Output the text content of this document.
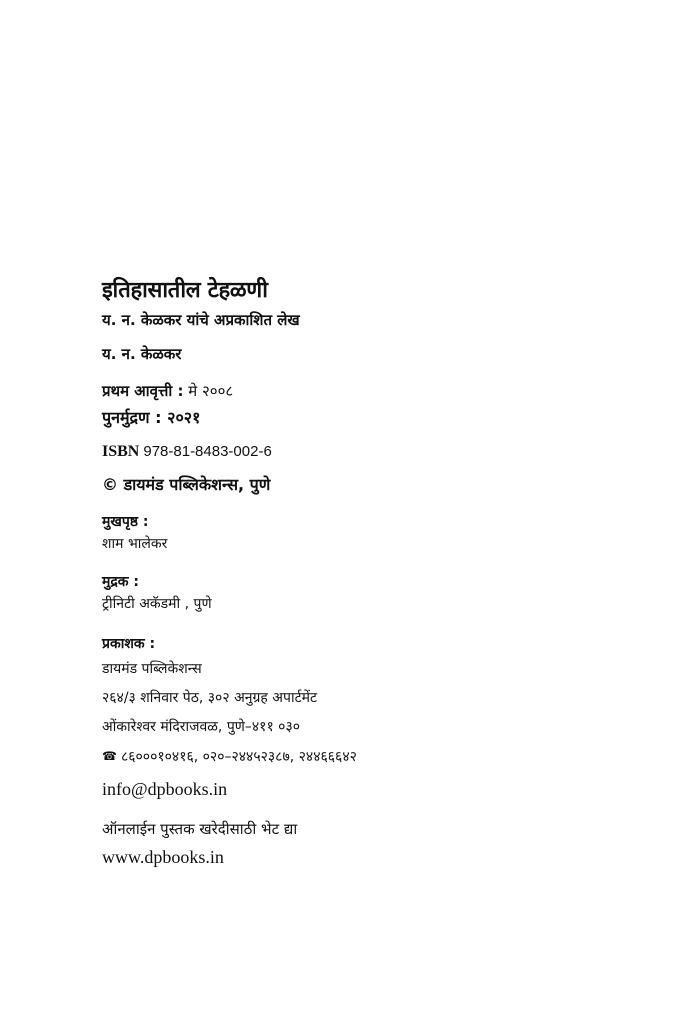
इतिहासातील टेहळणी
य. न. केळकर यांचे अप्रकाशित लेख
य. न. केळकर
प्रथम आवृत्ती : मे २००८
पुनर्मुद्रण : २०२१
ISBN 978-81-8483-002-6
© डायमंड पब्लिकेशन्स, पुणे
मुखपृष्ठ :
शाम भालेकर
मुद्रक :
ट्रीनिटी अकॅडमी , पुणे
प्रकाशक :
डायमंड पब्लिकेशन्स
२६४/३ शनिवार पेठ, ३०२ अनुग्रह अपार्टमेंट
ओंकारेश्वर मंदिराजवळ, पुणे–४११ ०३०
☎ ८६०००१०४१६, ०२०–२४४५२३८७, २४४६६६४२
info@dpbooks.in
ऑनलाईन पुस्तक खरेदीसाठी भेट द्या
www.dpbooks.in
